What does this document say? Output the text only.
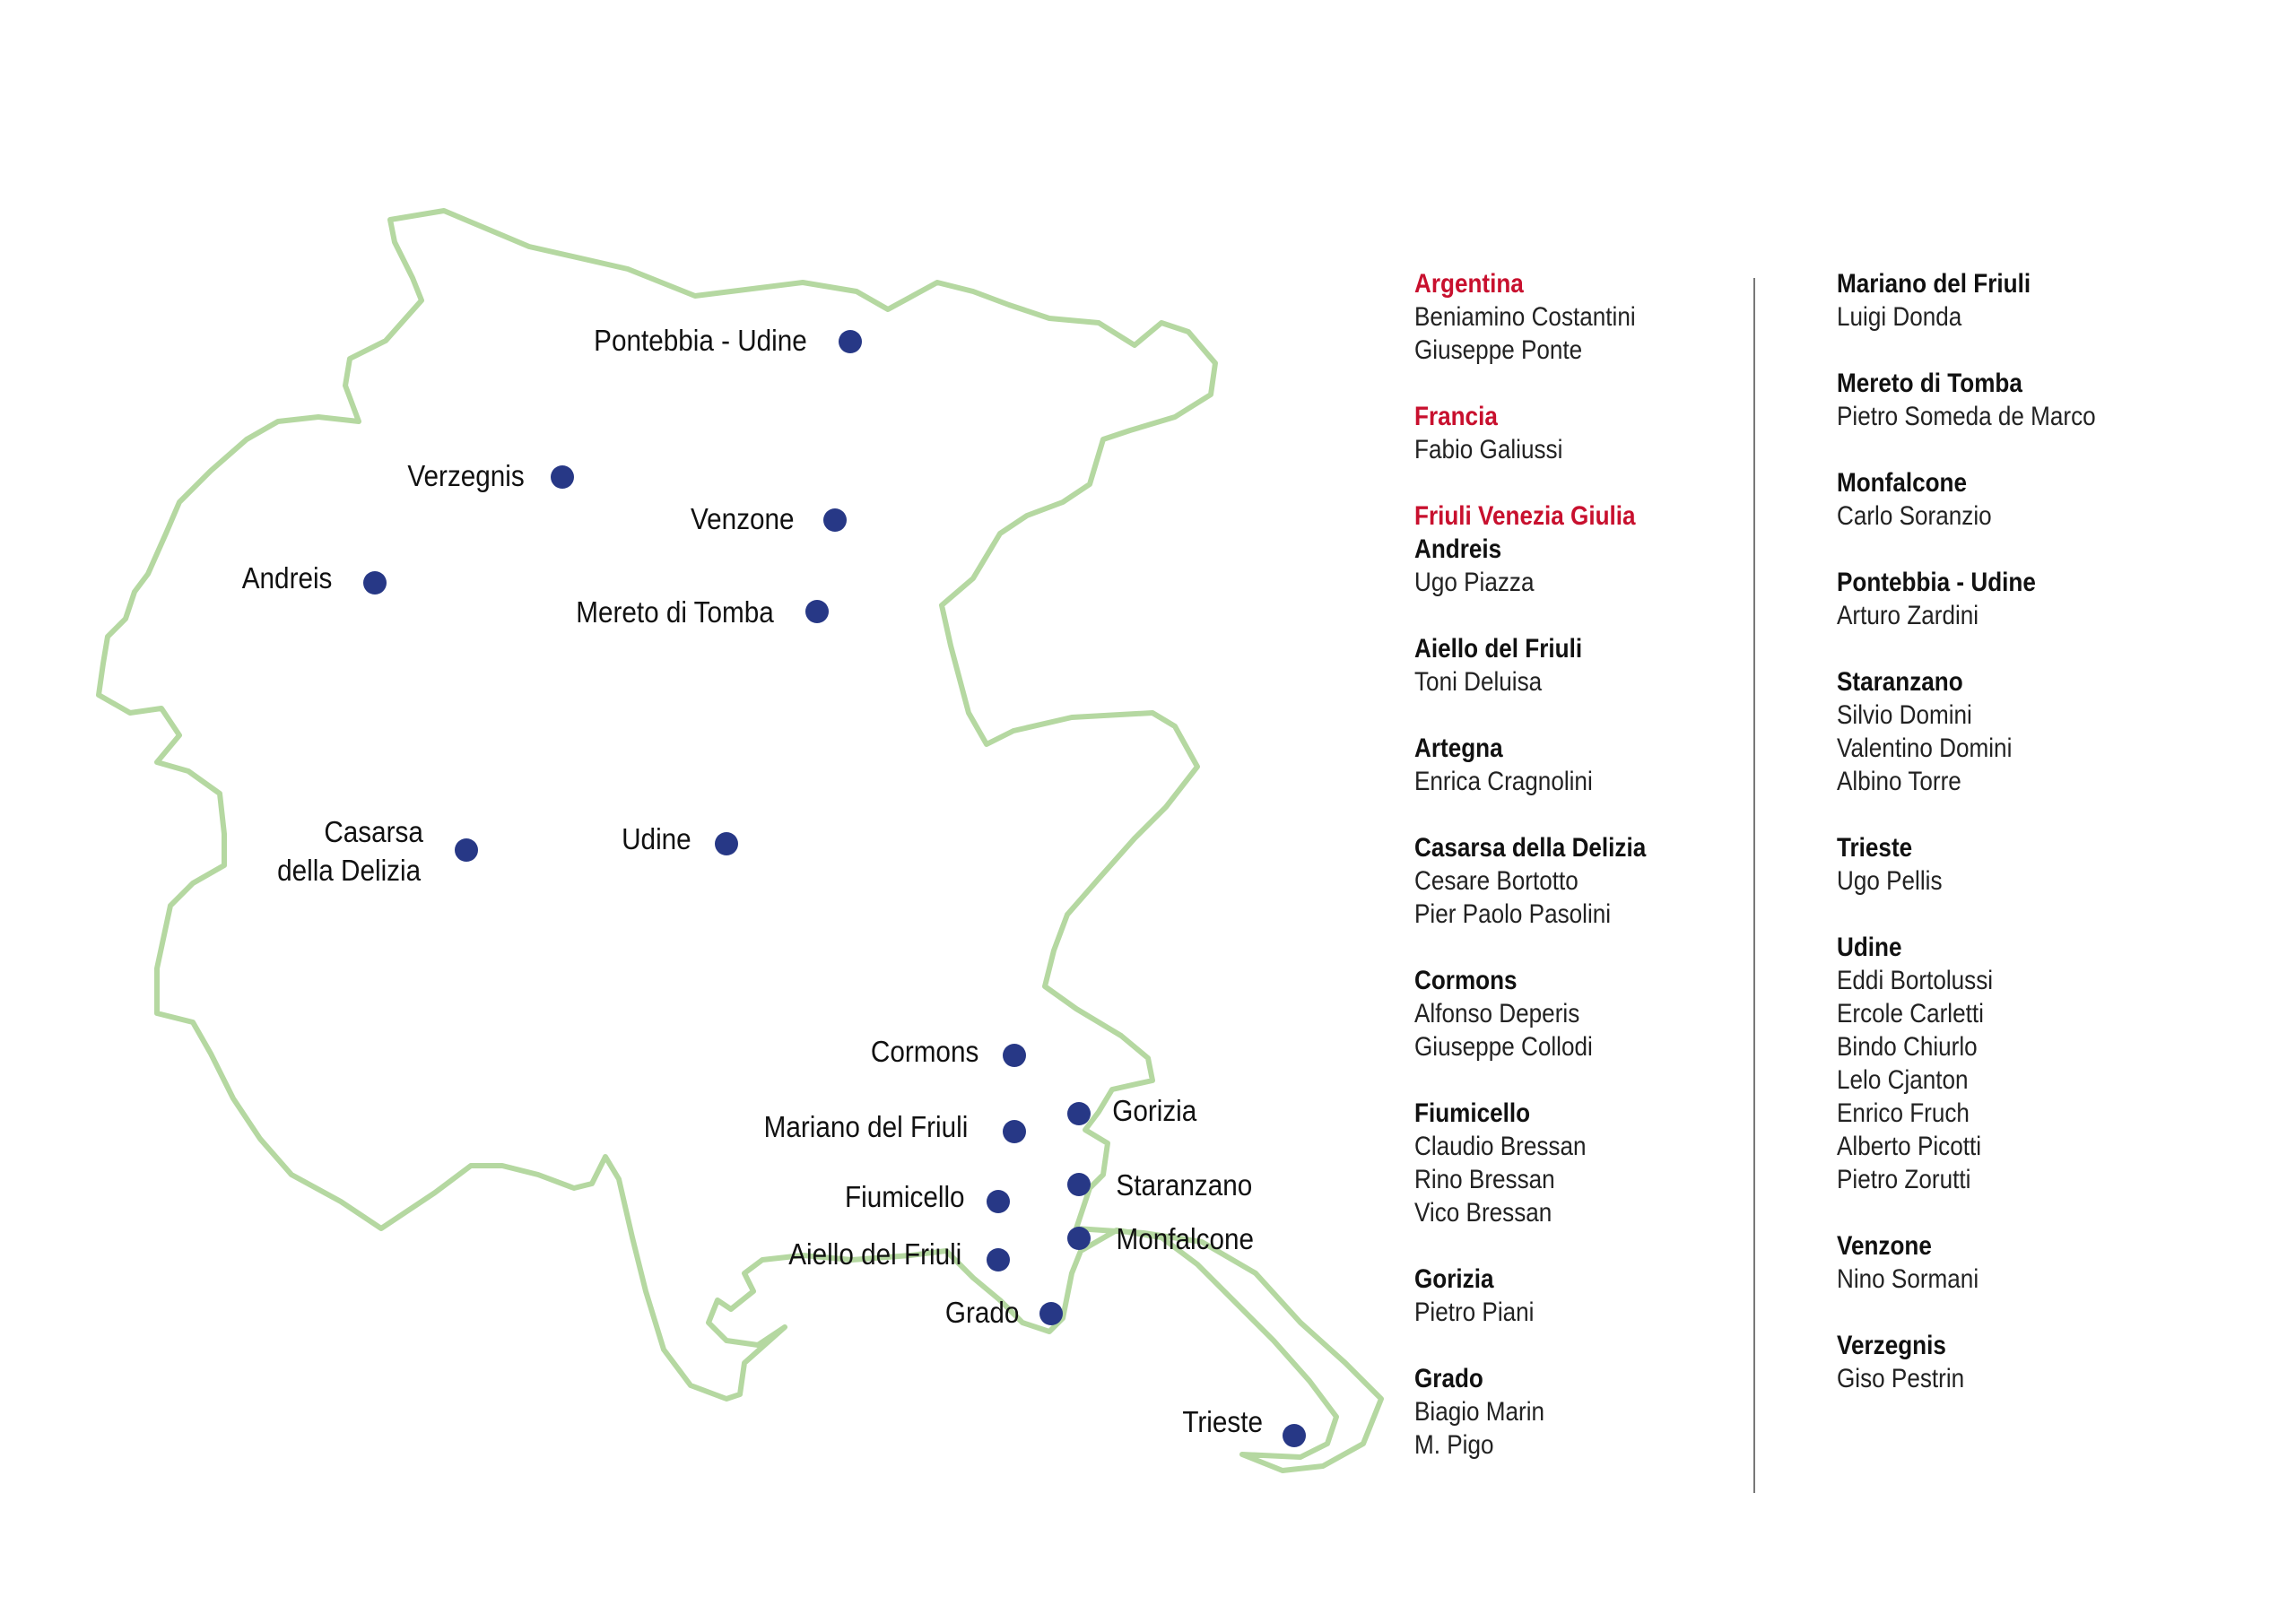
Pontebbia - Udine
Verzegnis
Venzone
Andreis
Mereto di Tomba
Casarsa
della Delizia
Udine
Cormons
Mariano del Friuli	Gorizia
Fiumicello	Staranzano
Aiello del Friuli	Monfalcone
Grado
Trieste
Argentina
Beniamino Costantini
Giuseppe Ponte
Francia
Fabio Galiussi
Friuli Venezia Giulia
Andreis
Ugo Piazza
Aiello del Friuli
Toni Deluisa
Artegna
Enrica Cragnolini
Casarsa della Delizia
Cesare Bortotto
Pier Paolo Pasolini
Cormons
Alfonso Deperis
Giuseppe Collodi
Fiumicello
Claudio Bressan
Rino Bressan
Vico Bressan
Gorizia
Pietro Piani
Grado
Biagio Marin
M. Pigo
Mariano del Friuli
Luigi Donda
Mereto di Tomba
Pietro Someda de Marco
Monfalcone
Carlo Soranzio
Pontebbia - Udine
Arturo Zardini
Staranzano
Silvio Domini
Valentino Domini
Albino Torre
Trieste
Ugo Pellis
Udine
Eddi Bortolussi
Ercole Carletti
Bindo Chiurlo
Lelo Cjanton
Enrico Fruch
Alberto Picotti
Pietro Zorutti
Venzone
Nino Sormani
Verzegnis
Giso Pestrin
